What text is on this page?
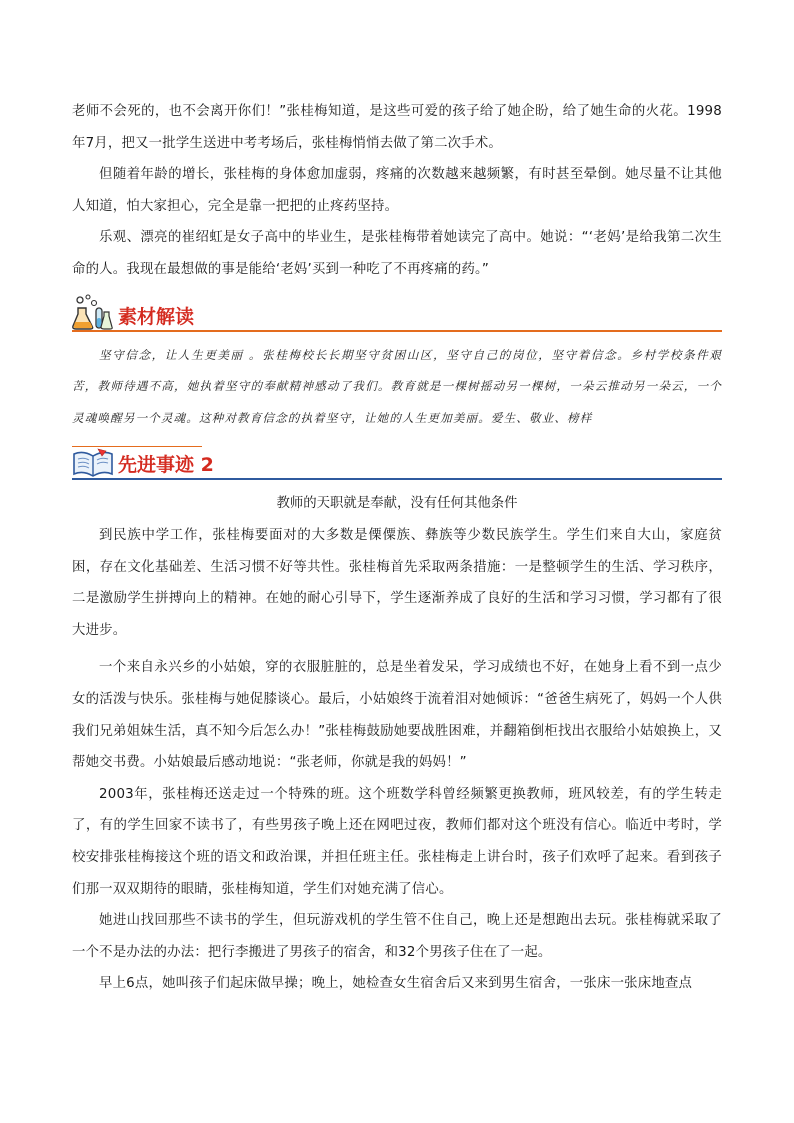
老师不会死的，也不会离开你们！”张桂梅知道，是这些可爱的孩子给了她企盼，给了她生命的火花。1998年7月，把又一批学生送进中考考场后，张桂梅悄悄去做了第二次手术。

但随着年龄的增长，张桂梅的身体愈加虚弱，疼痛的次数越来越频繁，有时甚至晕倒。她尽量不让其他人知道，怕大家担心，完全是靠一把把的止疼药坚持。

乐观、漂亮的崔绍虹是女子高中的毕业生，是张桂梅带着她读完了高中。她说：“‘老妈’是给我第二次生命的人。我现在最想做的事是能给‘老妈’买到一种吃了不再疼痛的药。”

素材解读

坚守信念，让人生更美丽 。张桂梅校长长期坚守贫困山区，坚守自己的岗位，坚守着信念。乡村学校条件艰苦，教师待遇不高，她执着坚守的奉献精神感动了我们。教育就是一棵树摇动另一棵树，一朵云推动另一朵云，一个灵魂唤醒另一个灵魂。这种对教育信念的执着坚守，让她的人生更加美丽。爱生、敬业、榜样

先进事迹 2

教师的天职就是奉献，没有任何其他条件

到民族中学工作，张桂梅要面对的大多数是傈僳族、彝族等少数民族学生。学生们来自大山，家庭贫困，存在文化基础差、生活习惯不好等共性。张桂梅首先采取两条措施：一是整顿学生的生活、学习秩序，二是激励学生拼搏向上的精神。在她的耐心引导下，学生逐渐养成了良好的生活和学习习惯，学习都有了很大进步。

一个来自永兴乡的小姑娘，穿的衣服脏脏的，总是坐着发呆，学习成绩也不好，在她身上看不到一点少女的活泼与快乐。张桂梅与她促膝谈心。最后，小姑娘终于流着泪对她倾诉：“爸爸生病死了，妈妈一个人供我们兄弟姐妹生活，真不知今后怎么办！”张桂梅鼓励她要战胜困难，并翻箱倒柜找出衣服给小姑娘换上，又帮她交书费。小姑娘最后感动地说：“张老师，你就是我的妈妈！”

2003年，张桂梅还送走过一个特殊的班。这个班数学科曾经频繁更换教师，班风较差，有的学生转走了，有的学生回家不读书了，有些男孩子晚上还在网吧过夜，教师们都对这个班没有信心。临近中考时，学校安排张桂梅接这个班的语文和政治课，并担任班主任。张桂梅走上讲台时，孩子们欢呼了起来。看到孩子们那一双双期待的眼睛，张桂梅知道，学生们对她充满了信心。

她进山找回那些不读书的学生，但玩游戏机的学生管不住自己，晚上还是想跑出去玩。张桂梅就采取了一个不是办法的办法：把行李搬进了男孩子的宿舍，和32个男孩子住在了一起。

早上6点，她叫孩子们起床做早操；晚上，她检查女生宿舍后又来到男生宿舍，一张床一张床地查点
